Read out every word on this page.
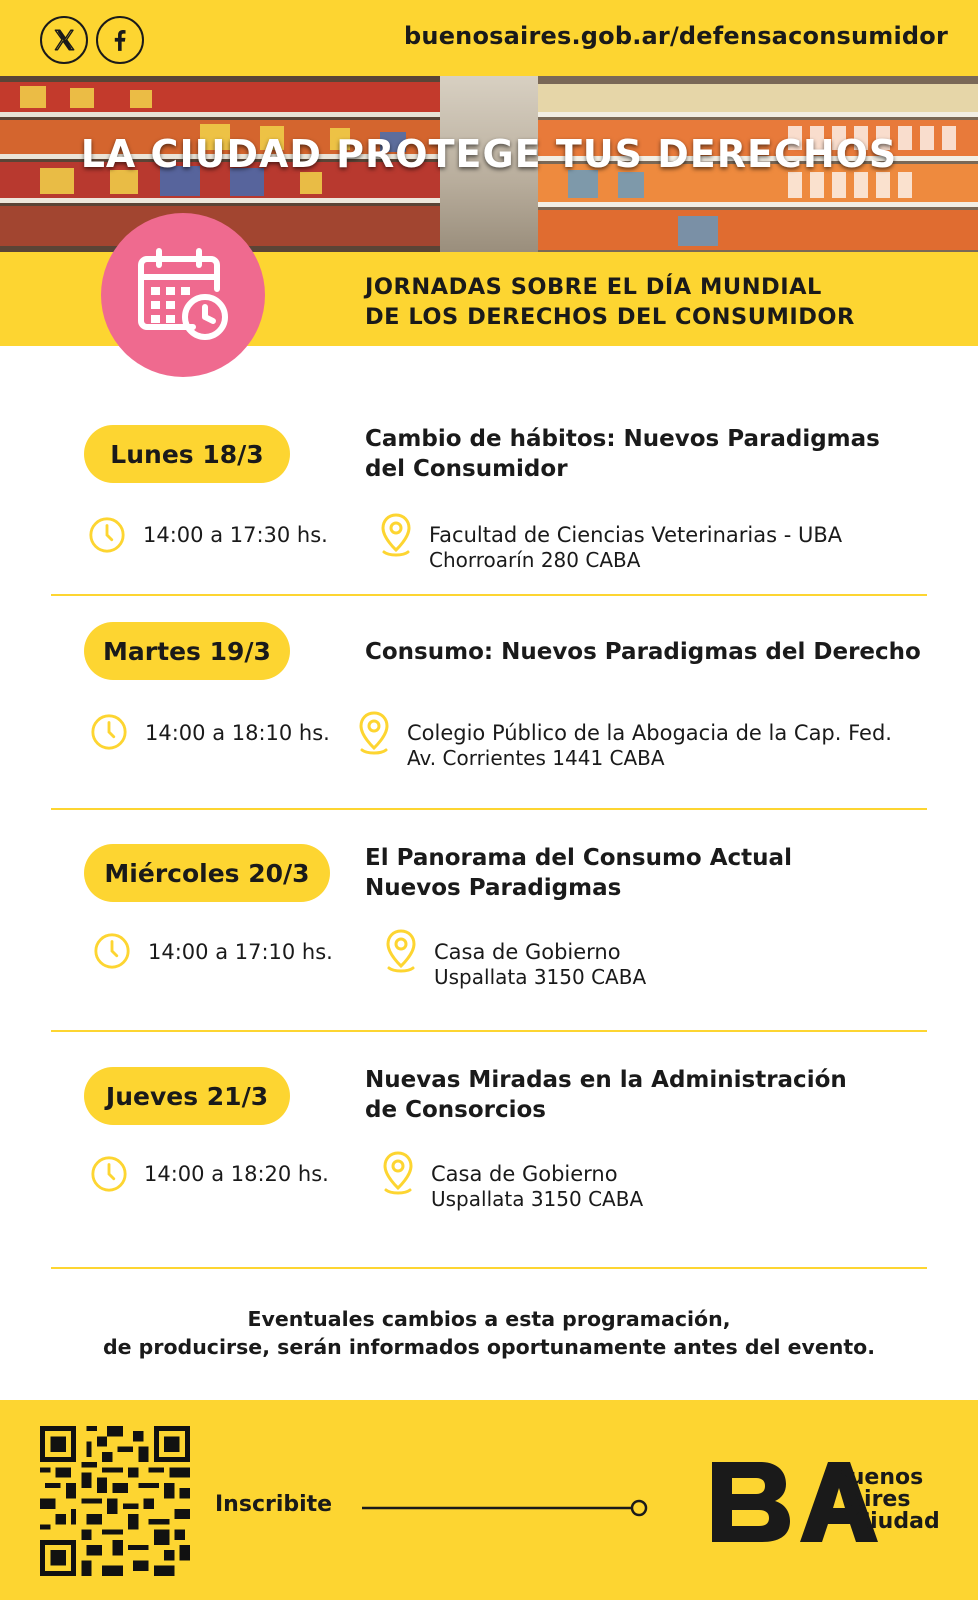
buenosaires.gob.ar/defensaconsumidor
LA CIUDAD PROTEGE TUS DERECHOS
JORNADAS SOBRE EL DÍA MUNDIAL
DE LOS DERECHOS DEL CONSUMIDOR
Lunes 18/3
Cambio de hábitos: Nuevos Paradigmas
del Consumidor
14:00 a 17:30 hs.	Facultad de Ciencias Veterinarias - UBA
Chorroarín 280 CABA
Martes 19/3	Consumo: Nuevos Paradigmas del Derecho
14:00 a 18:10 hs.	Colegio Público de la Abogacia de la Cap. Fed.
Av. Corrientes 1441 CABA
Miércoles 20/3
El Panorama del Consumo Actual
Nuevos Paradigmas
14:00 a 17:10 hs.	Casa de Gobierno
Uspallata 3150 CABA
Jueves 21/3
Nuevas Miradas en la Administración
de Consorcios
14:00 a 18:20 hs.	Casa de Gobierno
Uspallata 3150 CABA
Eventuales cambios a esta programación,
de producirse, serán informados oportunamente antes del evento.
Inscribite
Buenos
Aires
Ciudad
